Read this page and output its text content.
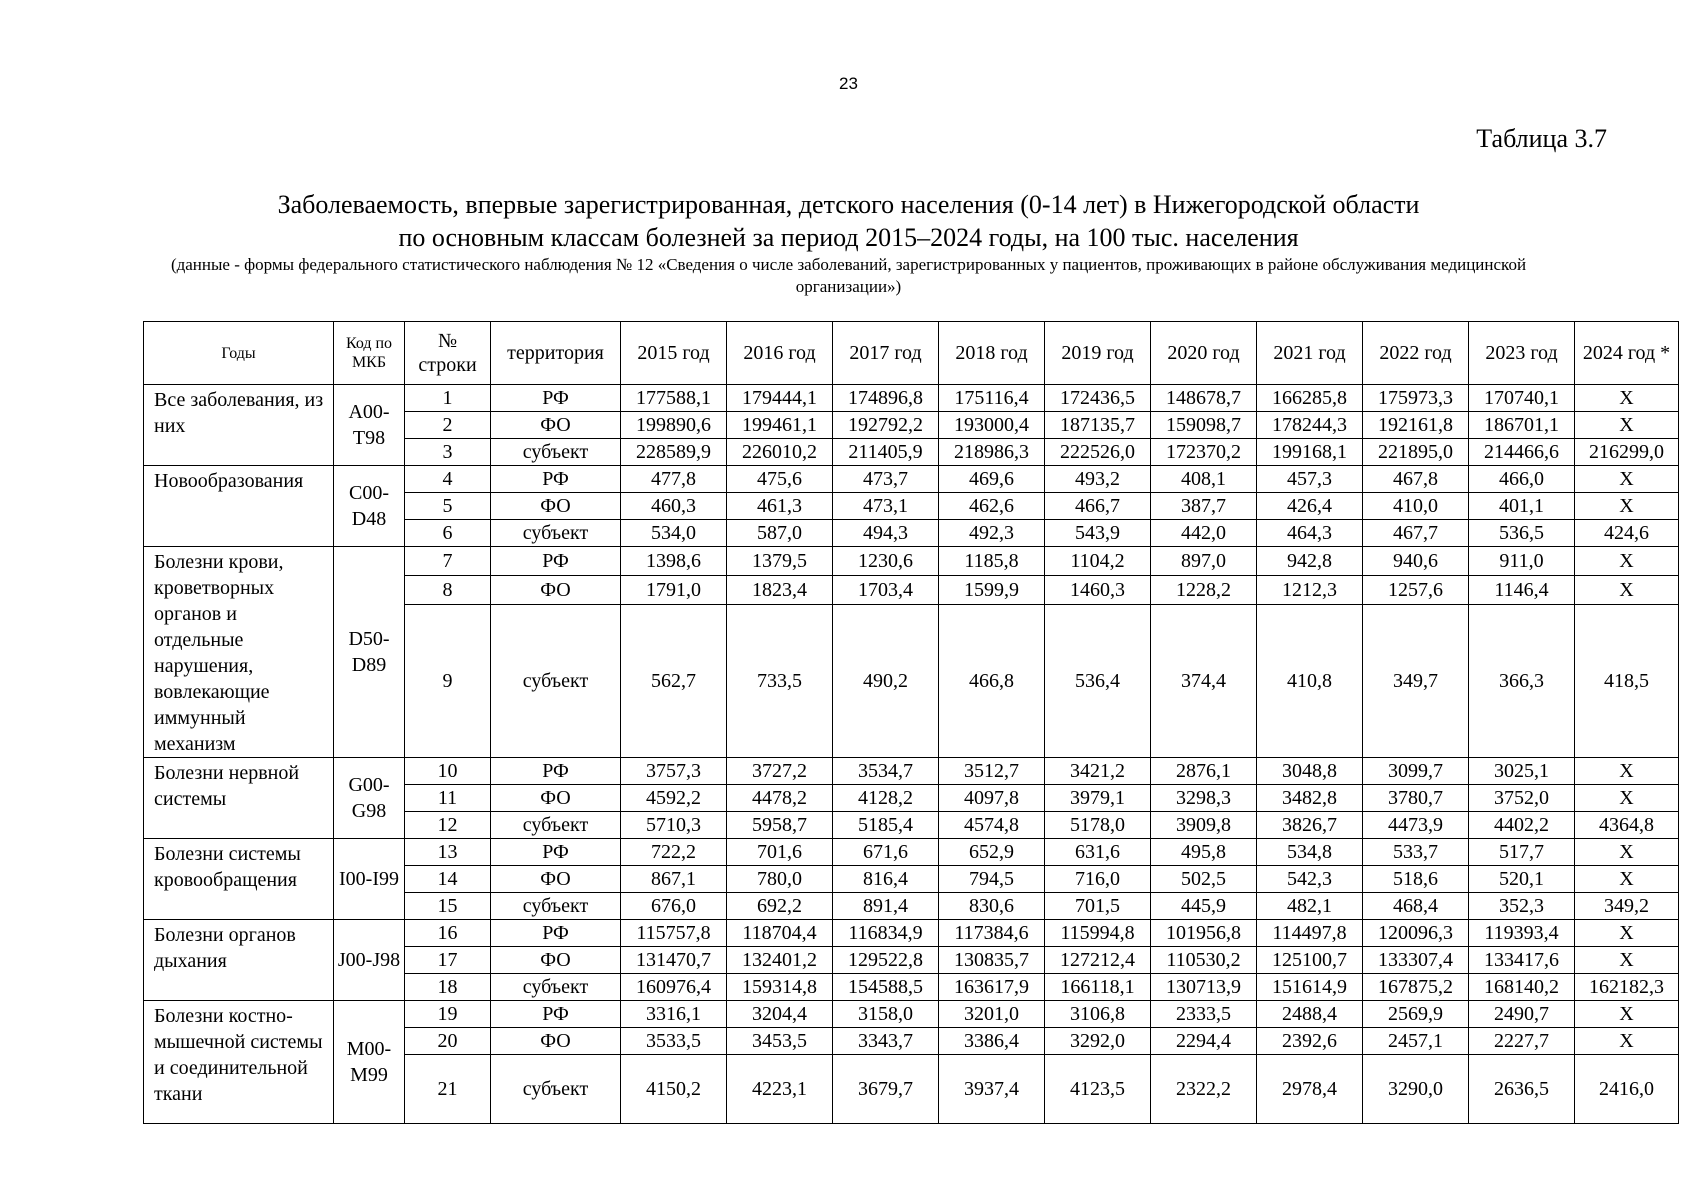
23
Таблица 3.7
Заболеваемость, впервые зарегистрированная, детского населения (0-14 лет) в Нижегородской области
по основным классам болезней за период 2015–2024 годы, на 100 тыс. населения
(данные - формы федерального статистического наблюдения № 12 «Сведения о числе заболеваний, зарегистрированных у пациентов, проживающих в районе обслуживания медицинской организации»)
Годы	Код по МКБ	№ строки	территория	2015 год	2016 год	2017 год	2018 год	2019 год	2020 год	2021 год	2022 год	2023 год	2024 год *
Все заболевания, из них	A00-T98	1	РФ	177588,1	179444,1	174896,8	175116,4	172436,5	148678,7	166285,8	175973,3	170740,1	Х
		2	ФО	199890,6	199461,1	192792,2	193000,4	187135,7	159098,7	178244,3	192161,8	186701,1	Х
		3	субъект	228589,9	226010,2	211405,9	218986,3	222526,0	172370,2	199168,1	221895,0	214466,6	216299,0
Новообразования	C00-D48	4	РФ	477,8	475,6	473,7	469,6	493,2	408,1	457,3	467,8	466,0	Х
		5	ФО	460,3	461,3	473,1	462,6	466,7	387,7	426,4	410,0	401,1	Х
		6	субъект	534,0	587,0	494,3	492,3	543,9	442,0	464,3	467,7	536,5	424,6
Болезни крови, кроветворных органов и отдельные нарушения, вовлекающие иммунный механизм	D50-D89	7	РФ	1398,6	1379,5	1230,6	1185,8	1104,2	897,0	942,8	940,6	911,0	Х
		8	ФО	1791,0	1823,4	1703,4	1599,9	1460,3	1228,2	1212,3	1257,6	1146,4	Х
		9	субъект	562,7	733,5	490,2	466,8	536,4	374,4	410,8	349,7	366,3	418,5
Болезни нервной системы	G00-G98	10	РФ	3757,3	3727,2	3534,7	3512,7	3421,2	2876,1	3048,8	3099,7	3025,1	Х
		11	ФО	4592,2	4478,2	4128,2	4097,8	3979,1	3298,3	3482,8	3780,7	3752,0	Х
		12	субъект	5710,3	5958,7	5185,4	4574,8	5178,0	3909,8	3826,7	4473,9	4402,2	4364,8
Болезни системы кровообращения	I00-I99	13	РФ	722,2	701,6	671,6	652,9	631,6	495,8	534,8	533,7	517,7	Х
		14	ФО	867,1	780,0	816,4	794,5	716,0	502,5	542,3	518,6	520,1	Х
		15	субъект	676,0	692,2	891,4	830,6	701,5	445,9	482,1	468,4	352,3	349,2
Болезни органов дыхания	J00-J98	16	РФ	115757,8	118704,4	116834,9	117384,6	115994,8	101956,8	114497,8	120096,3	119393,4	Х
		17	ФО	131470,7	132401,2	129522,8	130835,7	127212,4	110530,2	125100,7	133307,4	133417,6	Х
		18	субъект	160976,4	159314,8	154588,5	163617,9	166118,1	130713,9	151614,9	167875,2	168140,2	162182,3
Болезни костно-мышечной системы и соединительной ткани	M00-M99	19	РФ	3316,1	3204,4	3158,0	3201,0	3106,8	2333,5	2488,4	2569,9	2490,7	Х
		20	ФО	3533,5	3453,5	3343,7	3386,4	3292,0	2294,4	2392,6	2457,1	2227,7	Х
		21	субъект	4150,2	4223,1	3679,7	3937,4	4123,5	2322,2	2978,4	3290,0	2636,5	2416,0
